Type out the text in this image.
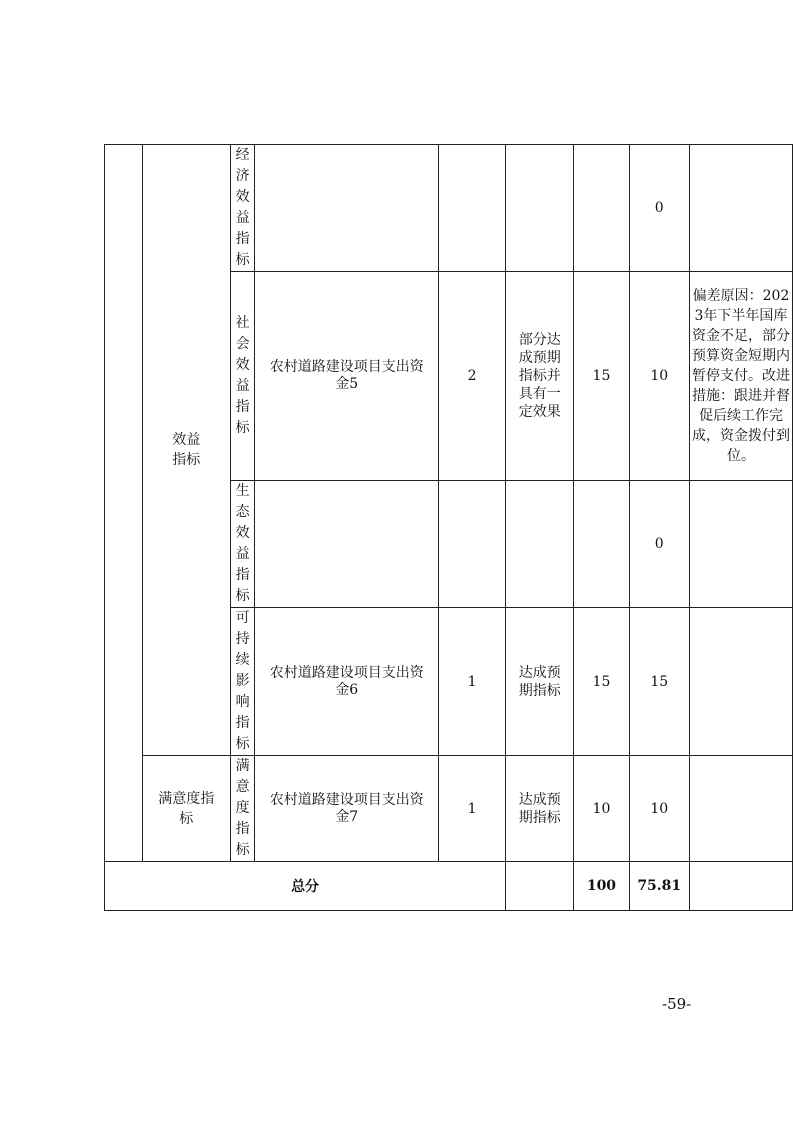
	效益指标	经济效益指标					0	

		社会效益指标	农村道路建设项目支出资金5	2	部分达成预期指标并具有一定效果	15	10	偏差原因：2023年下半年国库资金不足，部分预算资金短期内暂停支付。改进措施：跟进并督促后续工作完成，资金拨付到位。

		生态效益指标					0	

		可持续影响指标	农村道路建设项目支出资金6	1	达成预期指标	15	15	

	满意度指标	满意度指标	农村道路建设项目支出资金7	1	达成预期指标	10	10	

总分						100	75.81	
-59-
